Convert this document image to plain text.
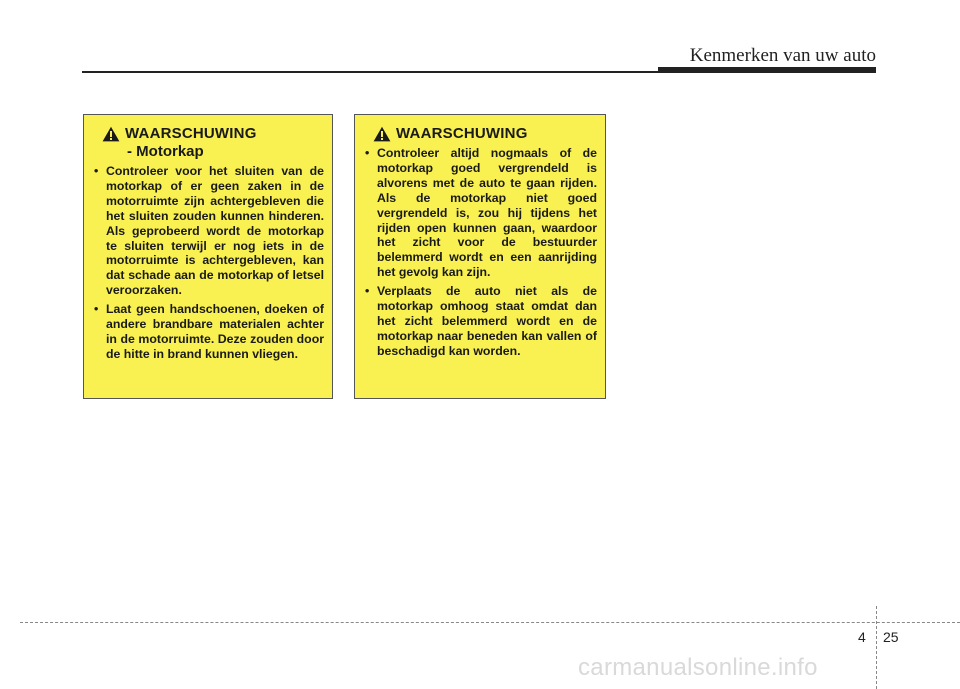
Kenmerken van uw auto
WAARSCHUWING
- Motorkap
• Controleer voor het sluiten van de motorkap of er geen zaken in de motorruimte zijn achtergebleven die het sluiten zouden kunnen hinderen. Als geprobeerd wordt de motorkap te sluiten terwijl er nog iets in de motorruimte is achtergebleven, kan dat schade aan de motorkap of letsel veroorzaken.
• Laat geen handschoenen, doeken of andere brandbare materialen achter in de motorruimte. Deze zouden door de hitte in brand kunnen vliegen.
WAARSCHUWING
• Controleer altijd nogmaals of de motorkap goed vergrendeld is alvorens met de auto te gaan rijden. Als de motorkap niet goed vergrendeld is, zou hij tijdens het rijden open kunnen gaan, waardoor het zicht voor de bestuurder belemmerd wordt en een aanrijding het gevolg kan zijn.
• Verplaats de auto niet als de motorkap omhoog staat omdat dan het zicht belemmerd wordt en de motorkap naar beneden kan vallen of beschadigd kan worden.
4 25
carmanualsonline.info
